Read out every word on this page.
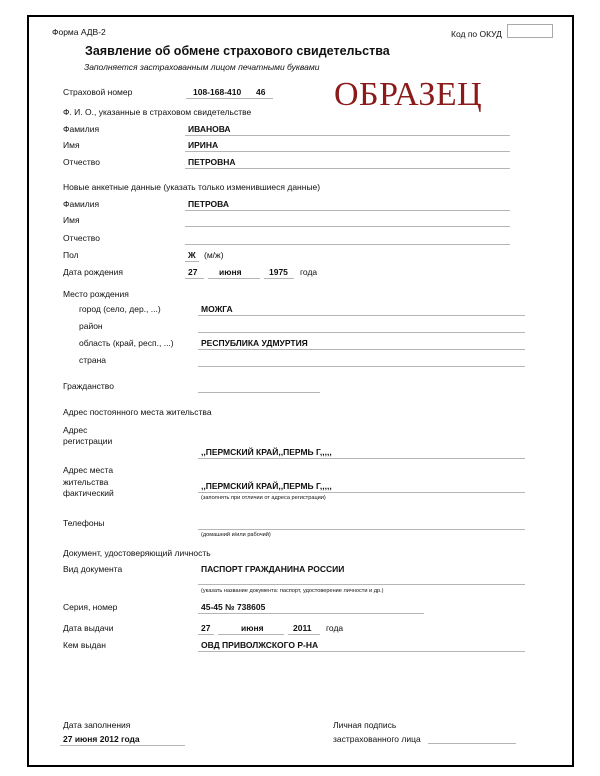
Форма АДВ-2	Код по ОКУД
Заявление об обмене страхового свидетельства
Заполняется застрахованным лицом печатными буквами
ОБРАЗЕЦ
Страховой номер	108-168-410 46
Ф. И. О., указанные в страховом свидетельстве
Фамилия	ИВАНОВА
Имя	ИРИНА
Отчество	ПЕТРОВНА
Новые анкетные данные (указать только изменившиеся данные)
Фамилия	ПЕТРОВА
Имя
Отчество
Пол	Ж (м/ж)
Дата рождения	27	июня	1975 года
Место рождения
город (село, дер., ...)	МОЖГА
район
область (край, респ., ...)	РЕСПУБЛИКА УДМУРТИЯ
страна
Гражданство
Адрес постоянного места жительства
Адрес
регистрации
,,ПЕРМСКИЙ КРАЙ,,ПЕРМЬ Г,,,,,
Адрес места
жительства
фактический
,,ПЕРМСКИЙ КРАЙ,,ПЕРМЬ Г,,,,,
(заполнять при отличии от адреса регистрации)
Телефоны
(домашний и/или рабочий)
Документ, удостоверяющий личность
Вид документа	ПАСПОРТ ГРАЖДАНИНА РОССИИ
(указать название документа: паспорт, удостоверение личности и др.)
Серия, номер	45-45 № 738605
Дата выдачи	27	июня	2011 года
Кем выдан	ОВД ПРИВОЛЖСКОГО Р-НА
Дата заполнения
27 июня 2012 года
Личная подпись
застрахованного лица
